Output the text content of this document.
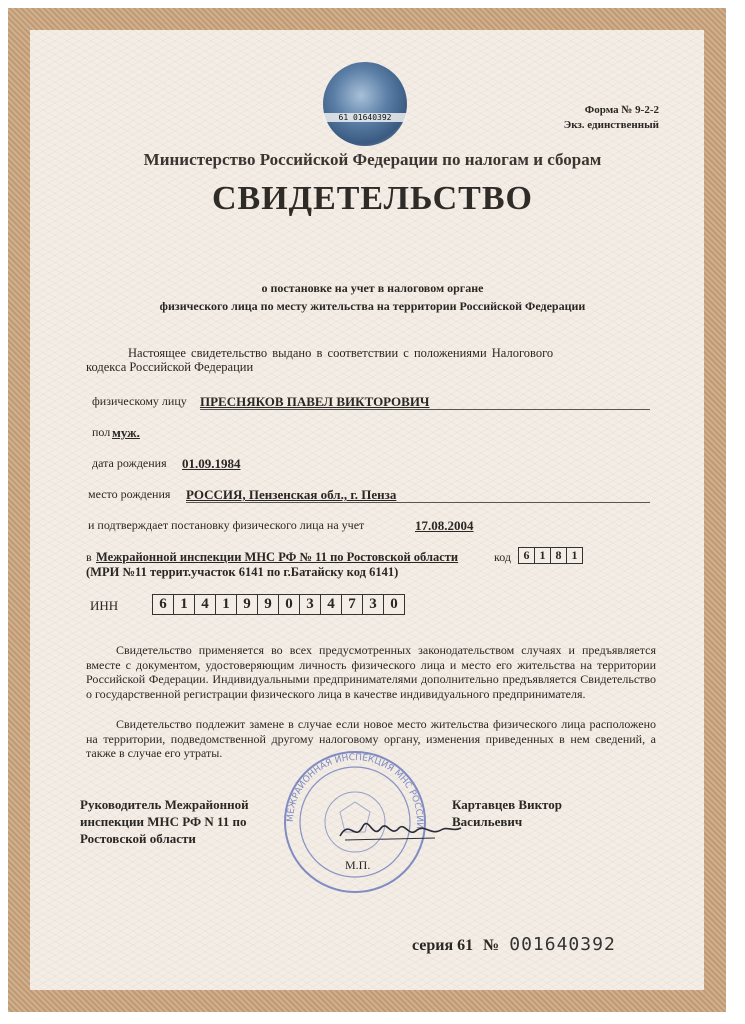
61 01640392
Форма № 9-2-2
Экз. единственный
Министерство Российской Федерации по налогам и сборам
СВИДЕТЕЛЬСТВО
о постановке на учет в налоговом органе
физического лица по месту жительства на территории Российской Федерации
Настоящее свидетельство выдано в соответствии с положениями Налогового
кодекса Российской Федерации
физическому лицу ПРЕСНЯКОВ ПАВЕЛ ВИКТОРОВИЧ
пол муж.
дата рождения 01.09.1984
место рождения РОССИЯ, Пензенская обл., г. Пенза
и подтверждает постановку физического лица на учет	17.08.2004
в Межрайонной инспекции МНС РФ № 11 по Ростовской области	код	6 1 8 1
(МРИ №11 террит.участок 6141 по г.Батайску код 6141)
ИНН	6 1 4 1 9 9 0 3 4 7 3 0
Свидетельство применяется во всех предусмотренных законодательством случаях и предъявляется вместе с документом, удостоверяющим личность физического лица и место его жительства на территории Российской Федерации. Индивидуальными предпринимателями дополнительно предъявляется Свидетельство о государственной регистрации физического лица в качестве индивидуального предпринимателя.
Свидетельство подлежит замене в случае если новое место жительства физического лица расположено на территории, подведомственной другому налоговому органу, изменения приведенных в нем сведений, а также в случае его утраты.
МЕЖРАЙОННАЯ ИНСПЕКЦИЯ МНС РОССИИ
Руководитель Межрайонной
инспекции МНС РФ N 11 по
Ростовской области
Картавцев Виктор
Васильевич
М.П.
серия 61 № 001640392
